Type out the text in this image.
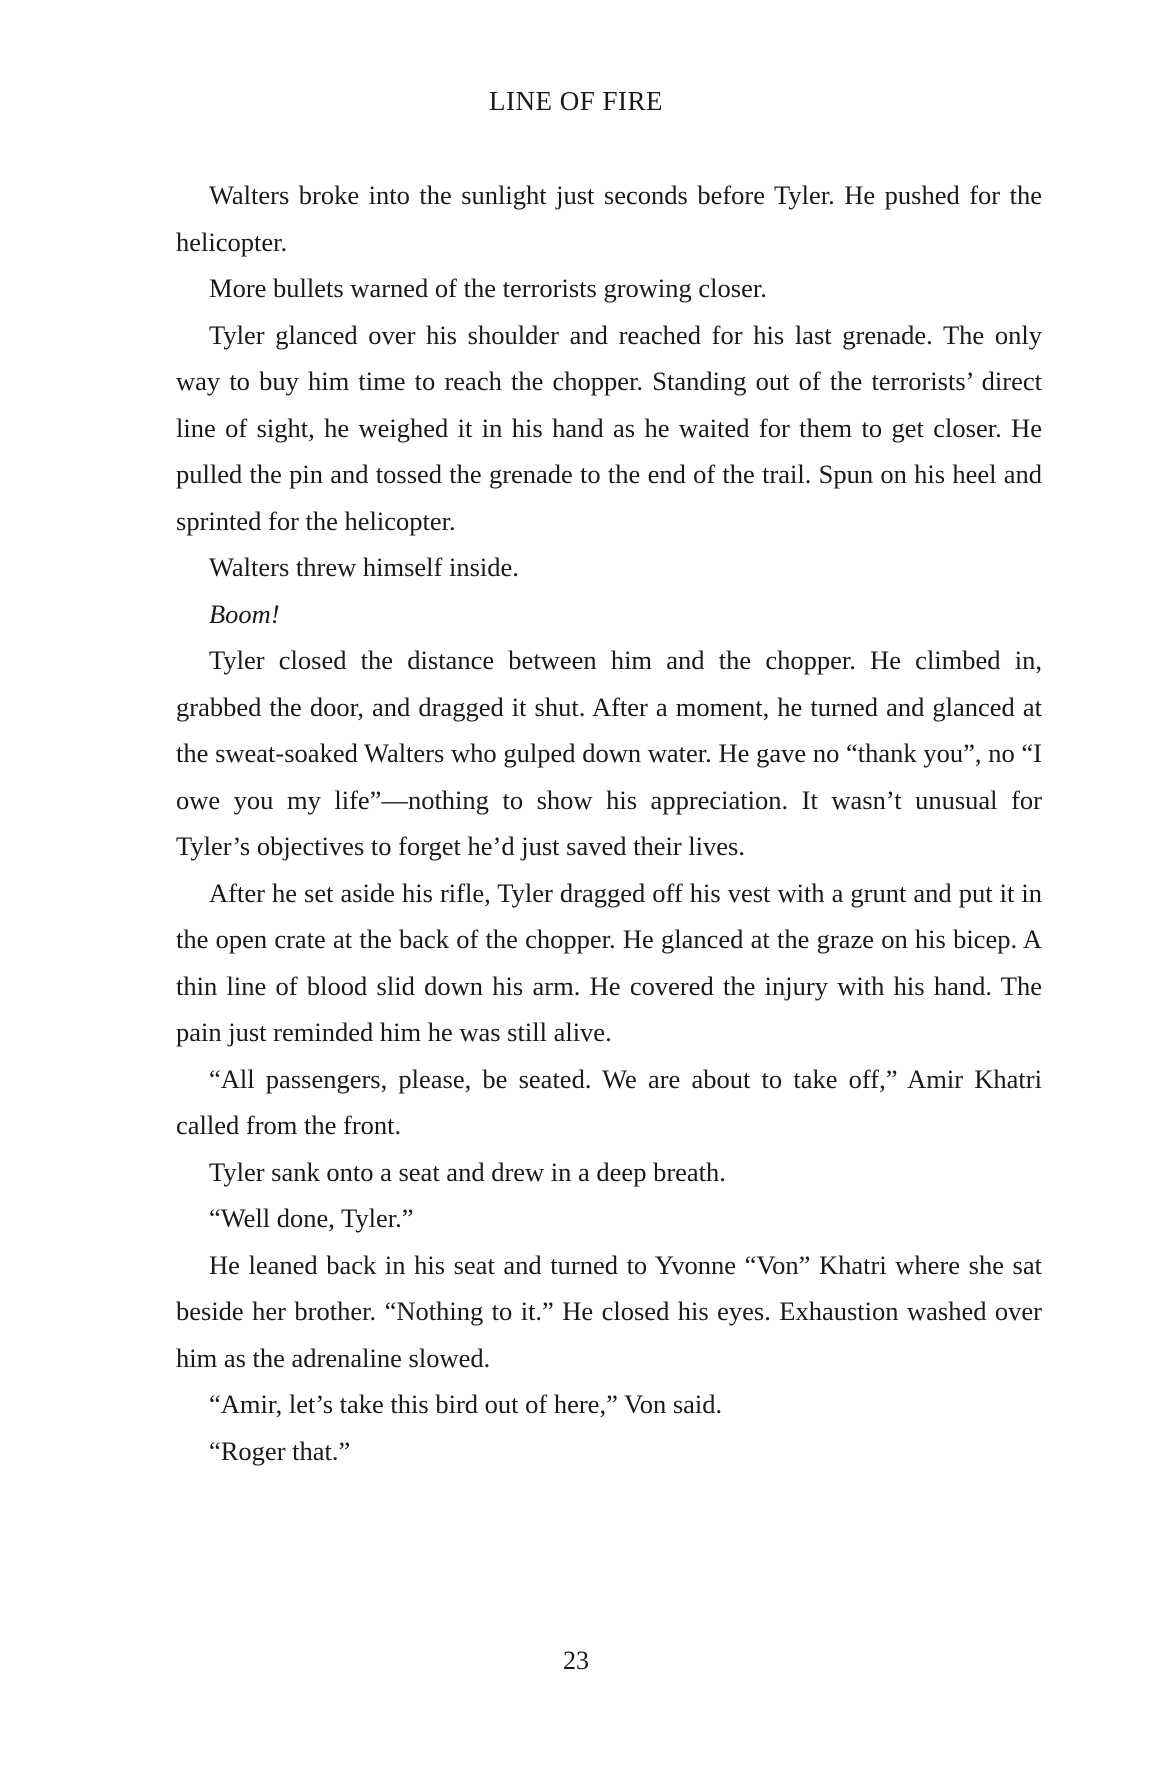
LINE OF FIRE

Walters broke into the sunlight just seconds before Tyler. He pushed for the helicopter.

More bullets warned of the terrorists growing closer.

Tyler glanced over his shoulder and reached for his last grenade. The only way to buy him time to reach the chopper. Standing out of the terrorists’ direct line of sight, he weighed it in his hand as he waited for them to get closer. He pulled the pin and tossed the grenade to the end of the trail. Spun on his heel and sprinted for the helicopter.

Walters threw himself inside.

Boom!

Tyler closed the distance between him and the chopper. He climbed in, grabbed the door, and dragged it shut. After a moment, he turned and glanced at the sweat-soaked Walters who gulped down water. He gave no “thank you”, no “I owe you my life”—nothing to show his appreciation. It wasn’t unusual for Tyler’s objectives to forget he’d just saved their lives.

After he set aside his rifle, Tyler dragged off his vest with a grunt and put it in the open crate at the back of the chopper. He glanced at the graze on his bicep. A thin line of blood slid down his arm. He covered the injury with his hand. The pain just reminded him he was still alive.

“All passengers, please, be seated. We are about to take off,” Amir Khatri called from the front.

Tyler sank onto a seat and drew in a deep breath.

“Well done, Tyler.”

He leaned back in his seat and turned to Yvonne “Von” Khatri where she sat beside her brother. “Nothing to it.” He closed his eyes. Exhaustion washed over him as the adrenaline slowed.

“Amir, let’s take this bird out of here,” Von said.

“Roger that.”

23
